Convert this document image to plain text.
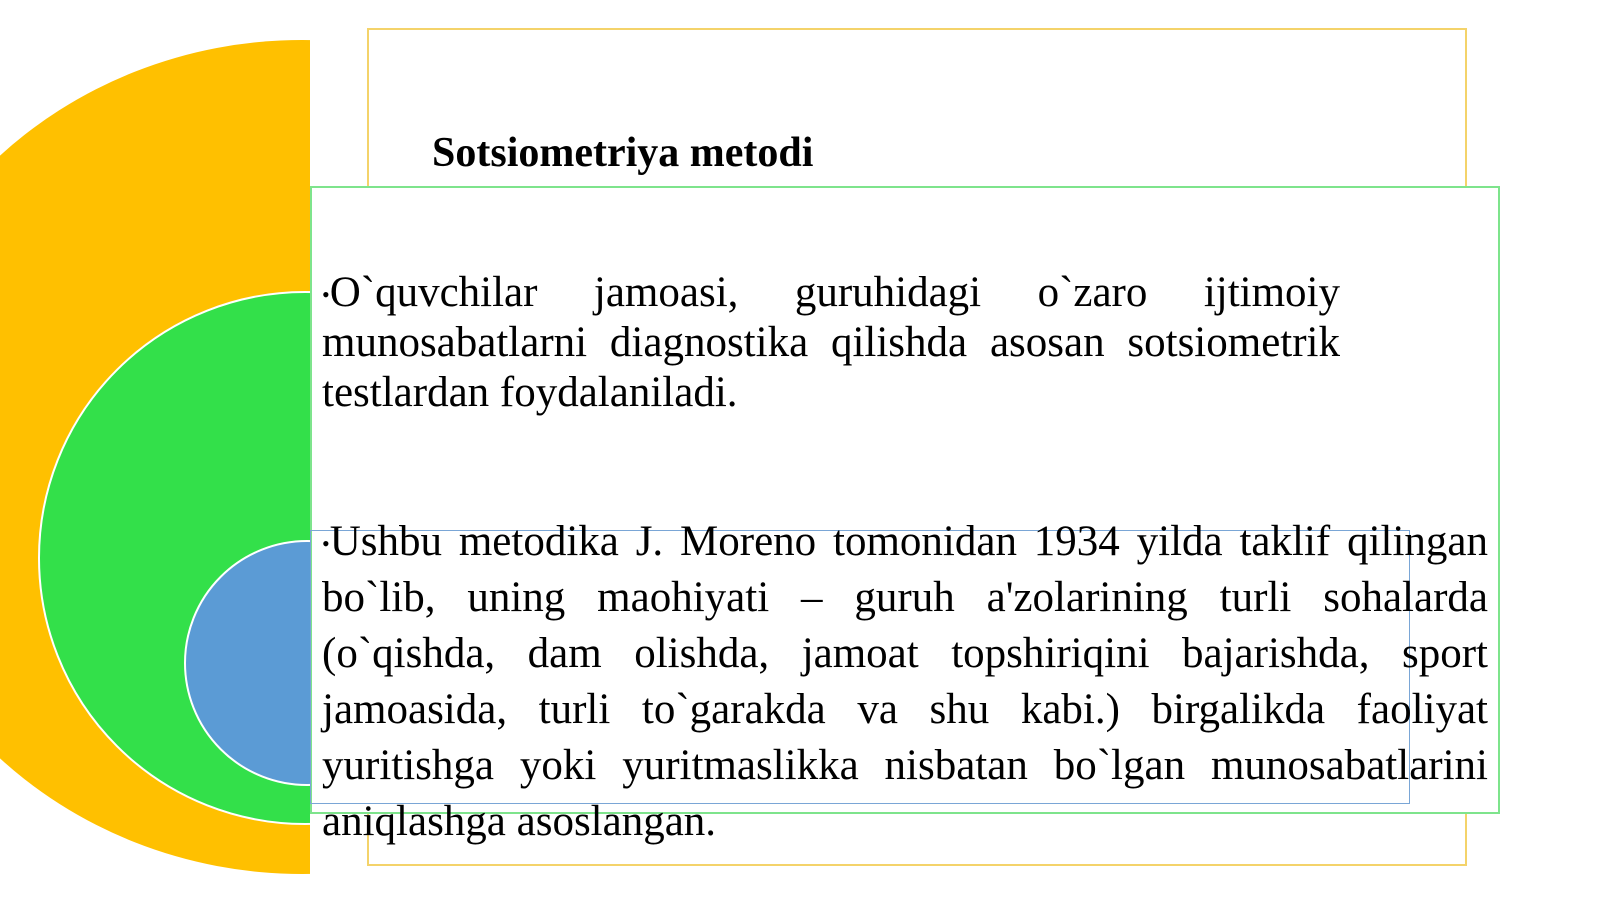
Sotsiometriya metodi

•O`quvchilar jamoasi, guruhidagi o`zaro ijtimoiy munosabatlarni diagnostika qilishda asosan sotsiometrik testlardan foydalaniladi.

•Ushbu metodika J. Moreno tomonidan 1934 yilda taklif qilingan bo`lib, uning maohiyati – guruh a'zolarining turli sohalarda (o`qishda, dam olishda, jamoat topshiriqini bajarishda, sport jamoasida, turli to`garakda va shu kabi.) birgalikda faoliyat yuritishga yoki yuritmaslikka nisbatan bo`lgan munosabatlarini aniqlashga asoslangan.
